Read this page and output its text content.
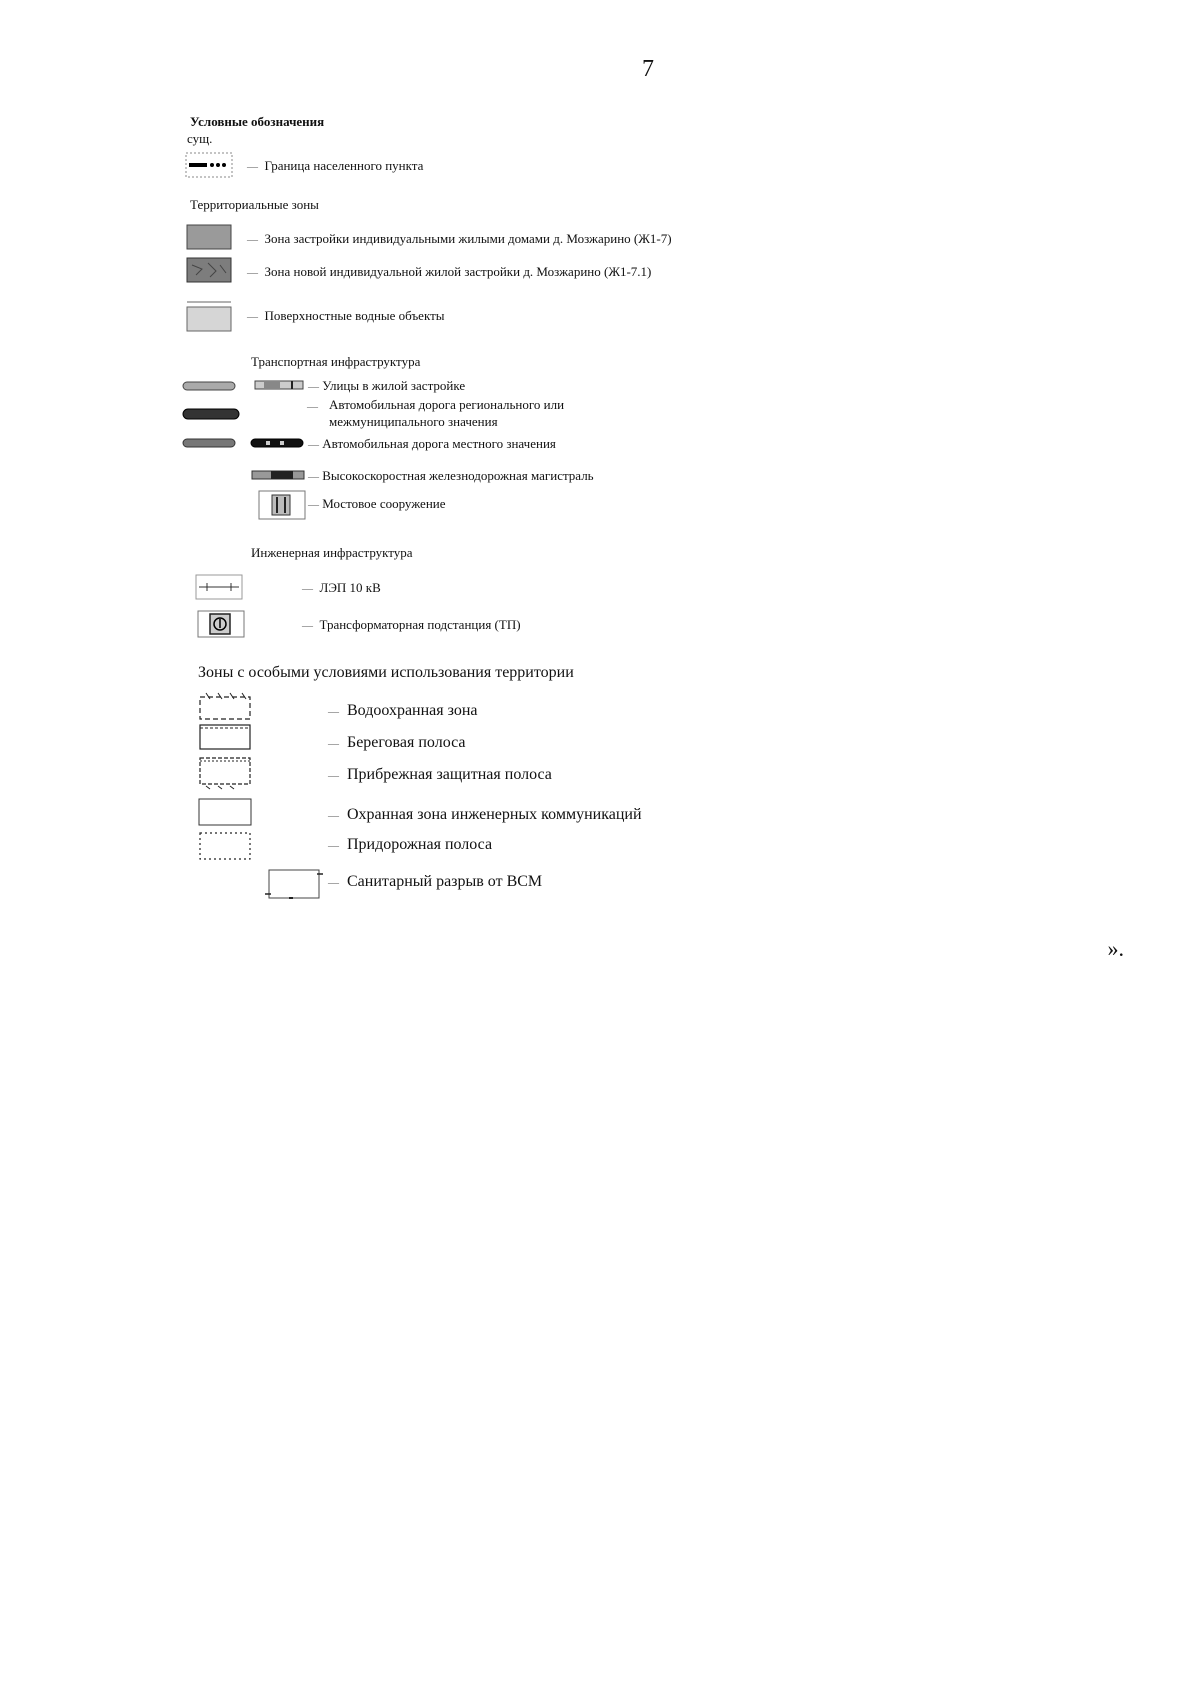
7
Условные обозначения
сущ.
— Граница населенного пункта
Территориальные зоны
— Зона застройки индивидуальными жилыми домами д. Мозжарино (Ж1-7)
— Зона новой индивидуальной жилой застройки д. Мозжарино (Ж1-7.1)
— Поверхностные водные объекты
Транспортная инфраструктура
— Улицы в жилой застройке
— Автомобильная дорога регионального или
межмуниципального значения
— Автомобильная дорога местного значения
— Высокоскоростная железнодорожная магистраль
— Мостовое сооружение
Инженерная инфраструктура
— ЛЭП 10 кВ
— Трансформаторная подстанция (ТП)
Зоны с особыми условиями использования территории
— Водоохранная зона
— Береговая полоса
— Прибрежная защитная полоса
— Охранная зона инженерных коммуникаций
— Придорожная полоса
— Санитарный разрыв от ВСМ
».
